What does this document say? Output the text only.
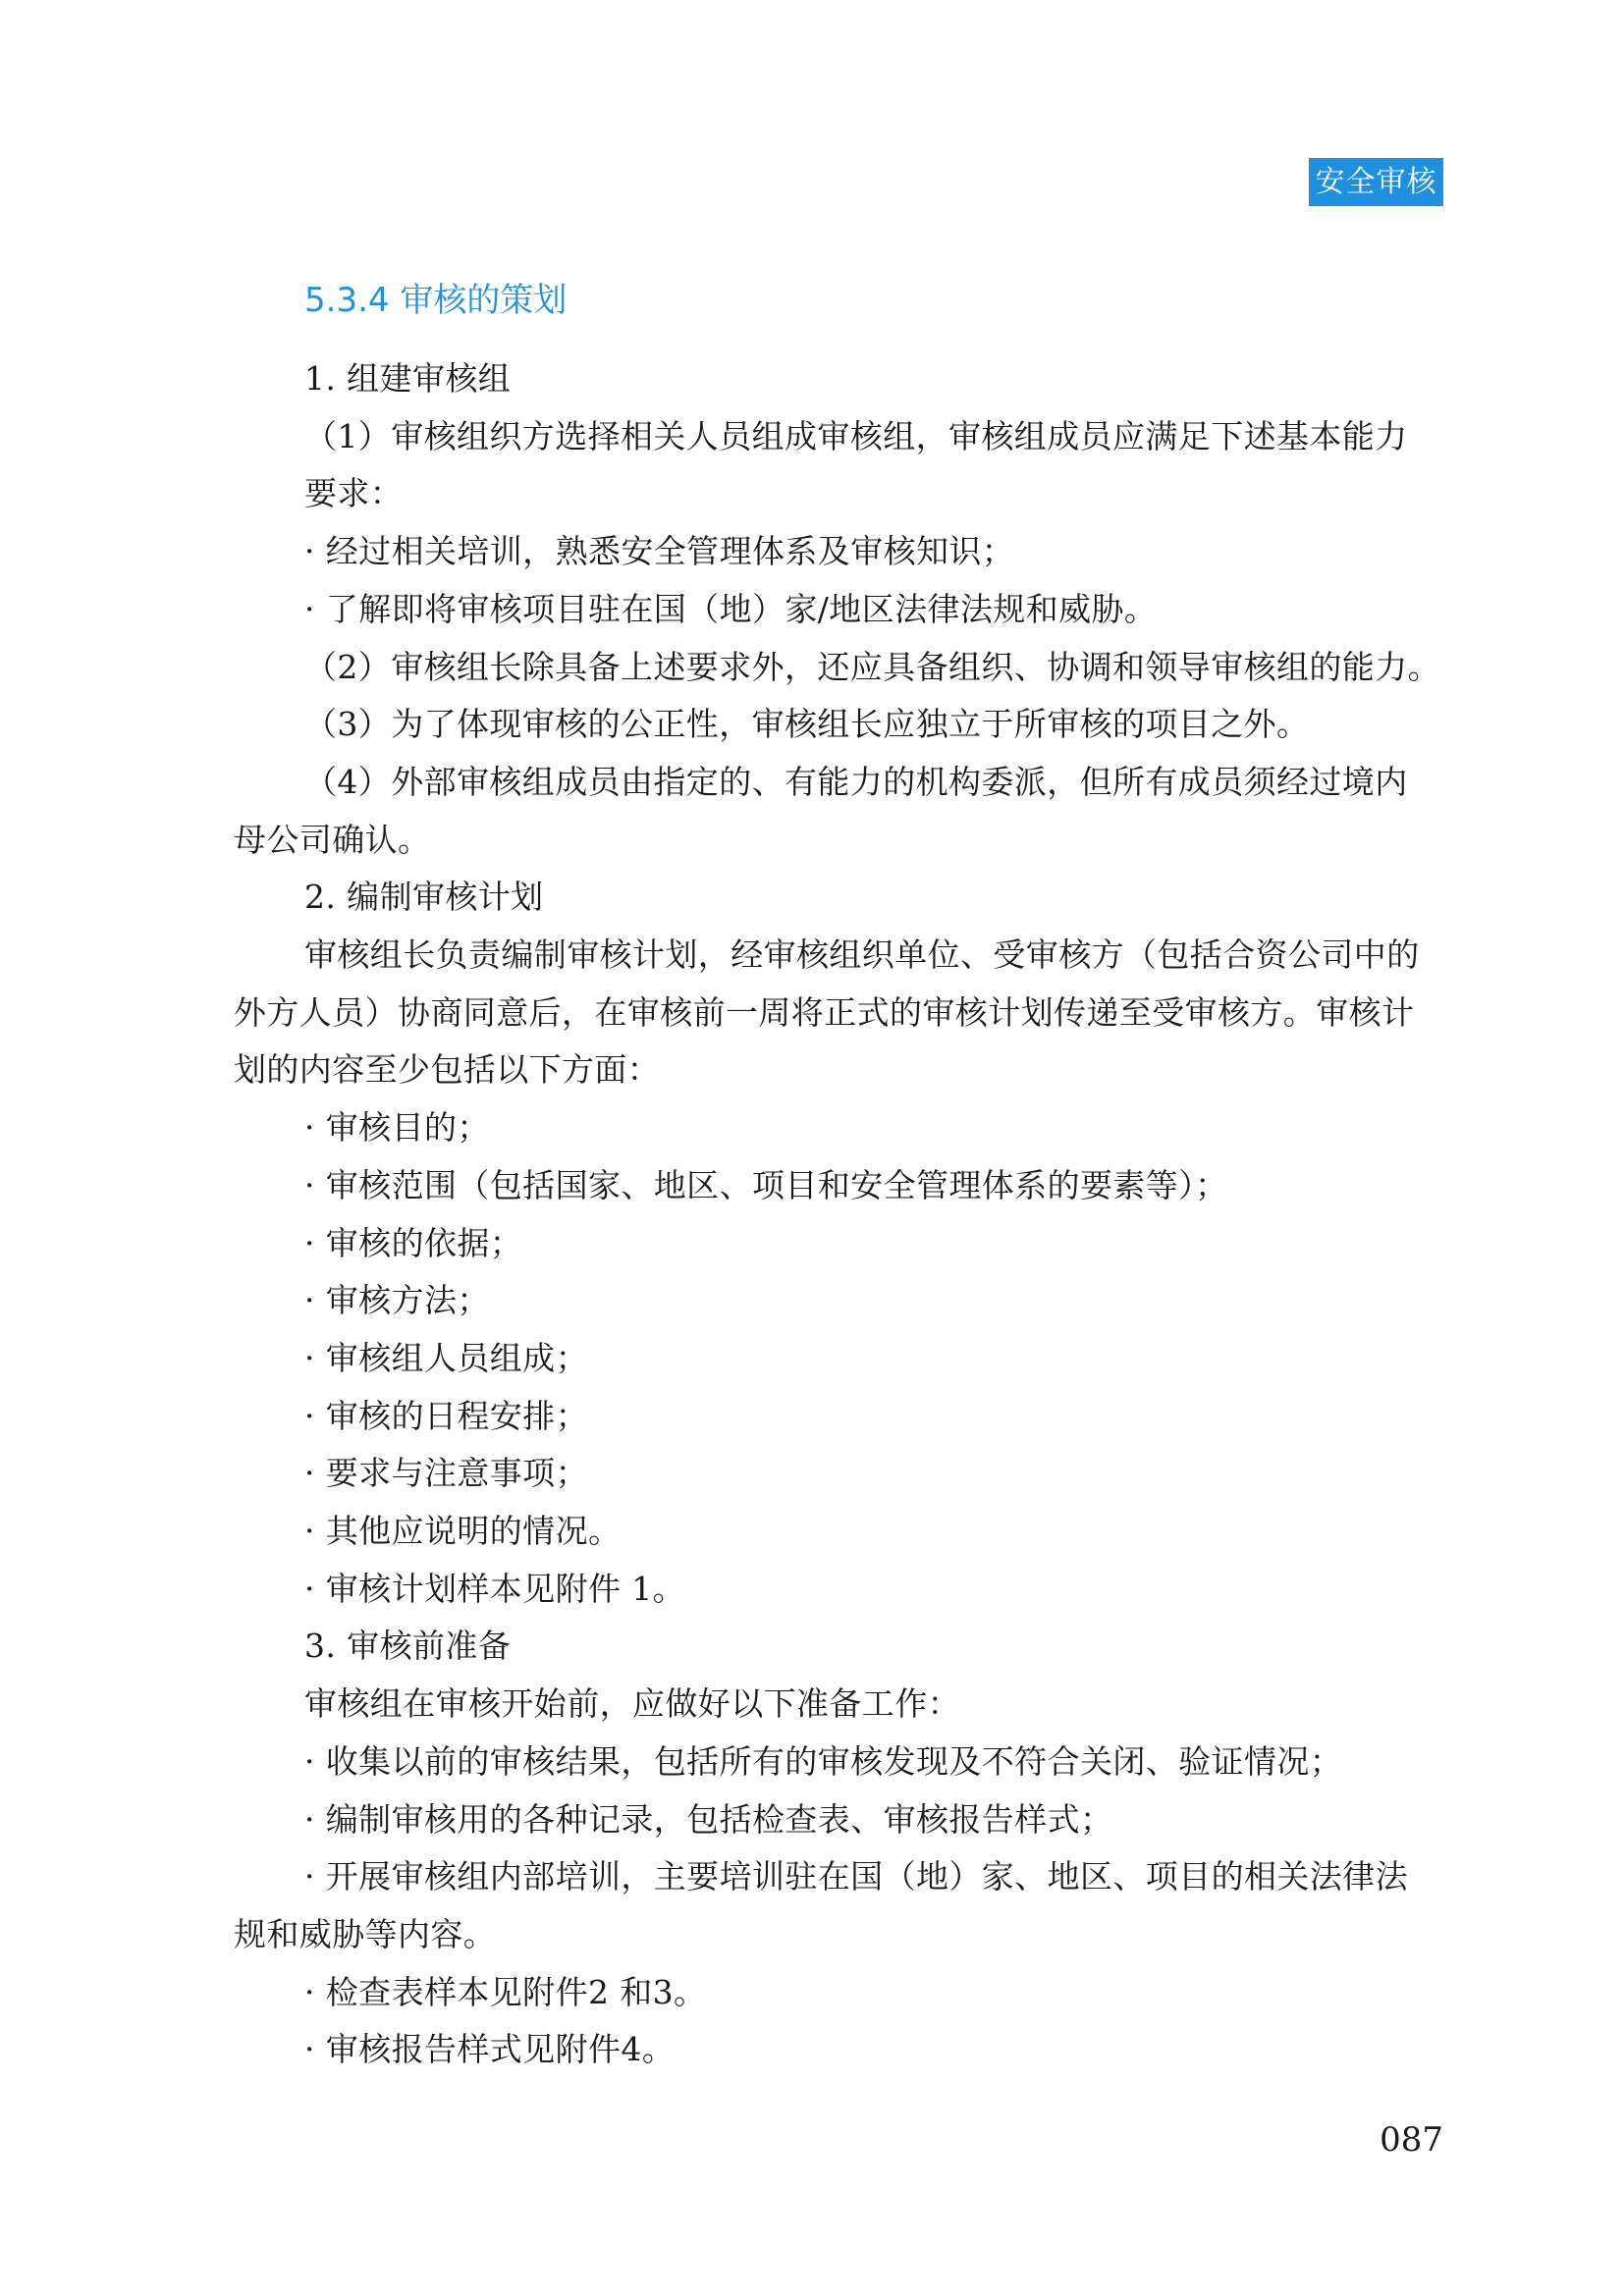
安全审核
5.3.4 审核的策划

1. 组建审核组

（1）审核组织方选择相关人员组成审核组，审核组成员应满足下述基本能力

要求：

· 经过相关培训，熟悉安全管理体系及审核知识；

· 了解即将审核项目驻在国（地）家/地区法律法规和威胁。

（2）审核组长除具备上述要求外，还应具备组织、协调和领导审核组的能力。

（3）为了体现审核的公正性，审核组长应独立于所审核的项目之外。

（4）外部审核组成员由指定的、有能力的机构委派，但所有成员须经过境内

母公司确认。

2. 编制审核计划

审核组长负责编制审核计划，经审核组织单位、受审核方（包括合资公司中的

外方人员）协商同意后，在审核前一周将正式的审核计划传递至受审核方。审核计

划的内容至少包括以下方面：

· 审核目的；

· 审核范围（包括国家、地区、项目和安全管理体系的要素等）；

· 审核的依据；

· 审核方法；

· 审核组人员组成；

· 审核的日程安排；

· 要求与注意事项；

· 其他应说明的情况。

· 审核计划样本见附件 1。

3. 审核前准备

审核组在审核开始前，应做好以下准备工作：

· 收集以前的审核结果，包括所有的审核发现及不符合关闭、验证情况；

· 编制审核用的各种记录，包括检查表、审核报告样式；

· 开展审核组内部培训，主要培训驻在国（地）家、地区、项目的相关法律法

规和威胁等内容。

· 检查表样本见附件2 和3。

· 审核报告样式见附件4。

087
